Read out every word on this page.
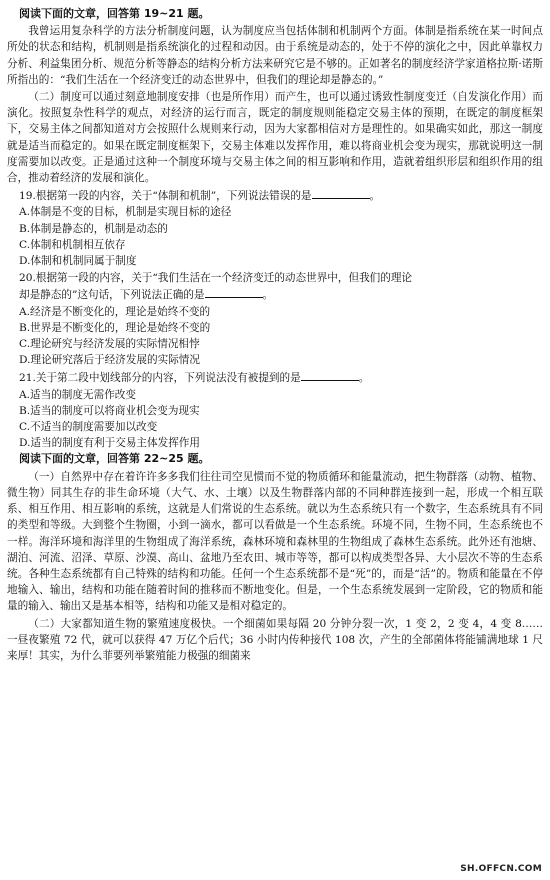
阅读下面的文章，回答第 19~21 题。

我曾运用复杂科学的方法分析制度问题，认为制度应当包括体制和机制两个方面。体制是指系统在某一时间点所处的状态和结构，机制则是指系统演化的过程和动因。由于系统是动态的，处于不停的演化之中，因此单靠权力分析、利益集团分析、规范分析等静态的结构分析方法来研究它是不够的。正如著名的制度经济学家道格拉斯·诺斯所指出的：“我们生活在一个经济变迁的动态世界中，但我们的理论却是静态的。”

（二）制度可以通过刻意地制度安排（也是所作用）而产生，也可以通过诱致性制度变迁（自发演化作用）而演化。按照复杂性科学的观点，对经济的运行而言，既定的制度规则能稳定交易主体的预期，在既定的制度框架下，交易主体之间都知道对方会按照什么规则来行动，因为大家都相信对方是理性的。如果确实如此，那这一制度就是适当而稳定的。如果在既定制度框架下，交易主体难以发挥作用，难以将商业机会变为现实，那就说明这一制度需要加以改变。正是通过这种一个制度环境与交易主体之间的相互影响和作用，造就着组织形层和组织作用的组合，推动着经济的发展和演化。

19.根据第一段的内容，关于“体制和机制”，下列说法错误的是	。
A.体制是不变的目标，机制是实现目标的途径
B.体制是静态的，机制是动态的
C.体制和机制相互依存
D.体制和机制同属于制度
20.根据第一段的内容，关于“我们生活在一个经济变迁的动态世界中，但我们的理论
却是静态的”这句话，下列说法正确的是	。
A.经济是不断变化的，理论是始终不变的
B.世界是不断变化的，理论是始终不变的
C.理论研究与经济发展的实际情况相悖
D.理论研究落后于经济发展的实际情况
21.关于第二段中划线部分的内容，下列说法没有被提到的是	。
A.适当的制度无需作改变
B.适当的制度可以将商业机会变为现实
C.不适当的制度需要加以改变
D.适当的制度有利于交易主体发挥作用
阅读下面的文章，回答第 22~25 题。

（一）自然界中存在着许许多多我们往往司空见惯而不觉的物质循环和能量流动，把生物群落（动物、植物、微生物）同其生存的非生命环境（大气、水、土壤）以及生物群落内部的不同种群连接到一起，形成一个相互联系、相互作用、相互影响的系统，这就是人们常说的生态系统。就以为生态系统只有一个数字，生态系统具有不同的类型和等级。大到整个生物圈，小到一滴水，都可以看做是一个生态系统。环境不同，生物不同，生态系统也不一样。海洋环境和海洋里的生物组成了海洋系统，森林环境和森林里的生物组成了森林生态系统。此外还有池塘、湖泊、河流、沼泽、草原、沙漠、高山、盆地乃至农田、城市等等，都可以构成类型各异、大小层次不等的生态系统。各种生态系统都有自己特殊的结构和功能。任何一个生态系统都不是“死”的，而是“活”的。物质和能量在不停地输入、输出，结构和功能在随着时间的推移而不断地变化。但是，一个生态系统发展到一定阶段，它的物质和能量的输入、输出又是基本相等，结构和功能又是相对稳定的。

（二）大家都知道生物的繁殖速度极快。一个细菌如果每隔 20 分钟分裂一次，1 变 2，2 变 4，4 变 8……一昼夜繁殖 72 代，就可以获得 47 万亿个后代；36 小时内传种接代 108 次，产生的全部菌体将能铺满地球 1 尺来厚！其实，为什么菲要列举繁殖能力极强的细菌来

SH.OFFCN.COM
